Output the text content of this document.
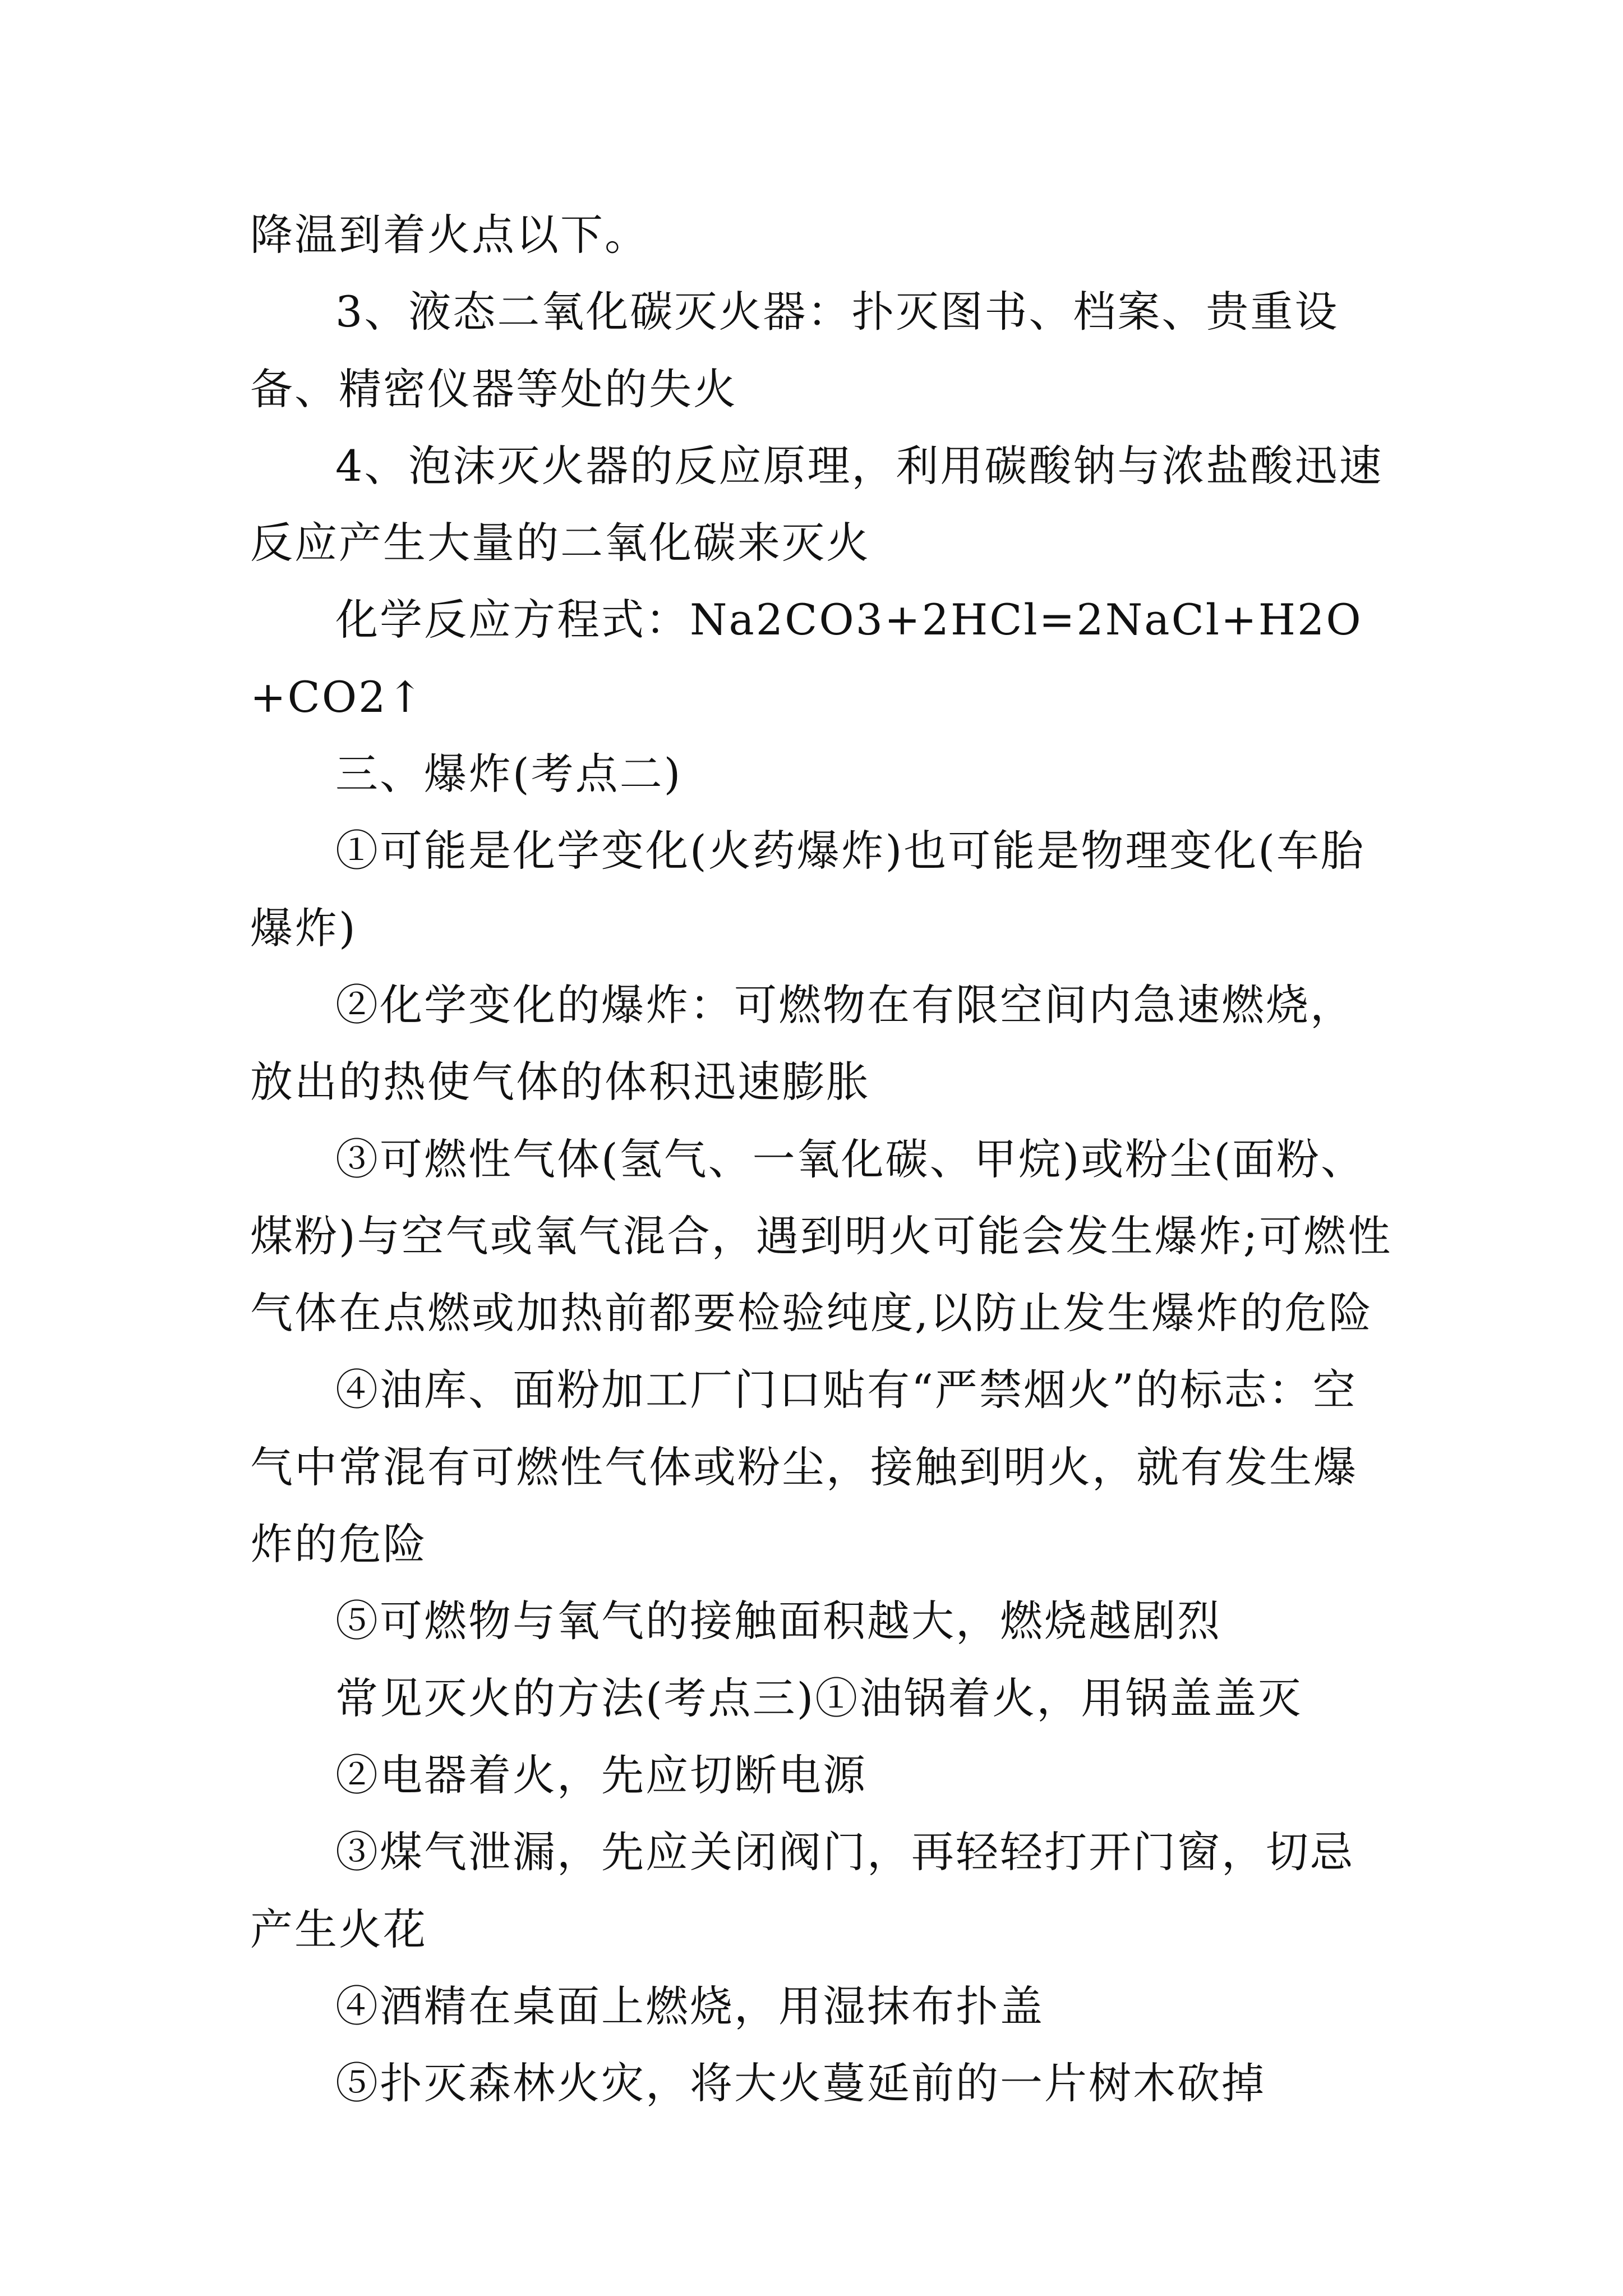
降温到着火点以下。

3、液态二氧化碳灭火器：扑灭图书、档案、贵重设备、精密仪器等处的失火

4、泡沫灭火器的反应原理，利用碳酸钠与浓盐酸迅速反应产生大量的二氧化碳来灭火

化学反应方程式：Na2CO3+2HCl=2NaCl+H2O+CO2↑

三、爆炸(考点二)

①可能是化学变化(火药爆炸)也可能是物理变化(车胎爆炸)

②化学变化的爆炸：可燃物在有限空间内急速燃烧，放出的热使气体的体积迅速膨胀

③可燃性气体(氢气、一氧化碳、甲烷)或粉尘(面粉、煤粉)与空气或氧气混合，遇到明火可能会发生爆炸;可燃性气体在点燃或加热前都要检验纯度,以防止发生爆炸的危险

④油库、面粉加工厂门口贴有“严禁烟火”的标志：空气中常混有可燃性气体或粉尘，接触到明火，就有发生爆炸的危险

⑤可燃物与氧气的接触面积越大，燃烧越剧烈

常见灭火的方法(考点三)①油锅着火，用锅盖盖灭

②电器着火，先应切断电源

③煤气泄漏，先应关闭阀门，再轻轻打开门窗，切忌产生火花

④酒精在桌面上燃烧，用湿抹布扑盖

⑤扑灭森林火灾，将大火蔓延前的一片树木砍掉
